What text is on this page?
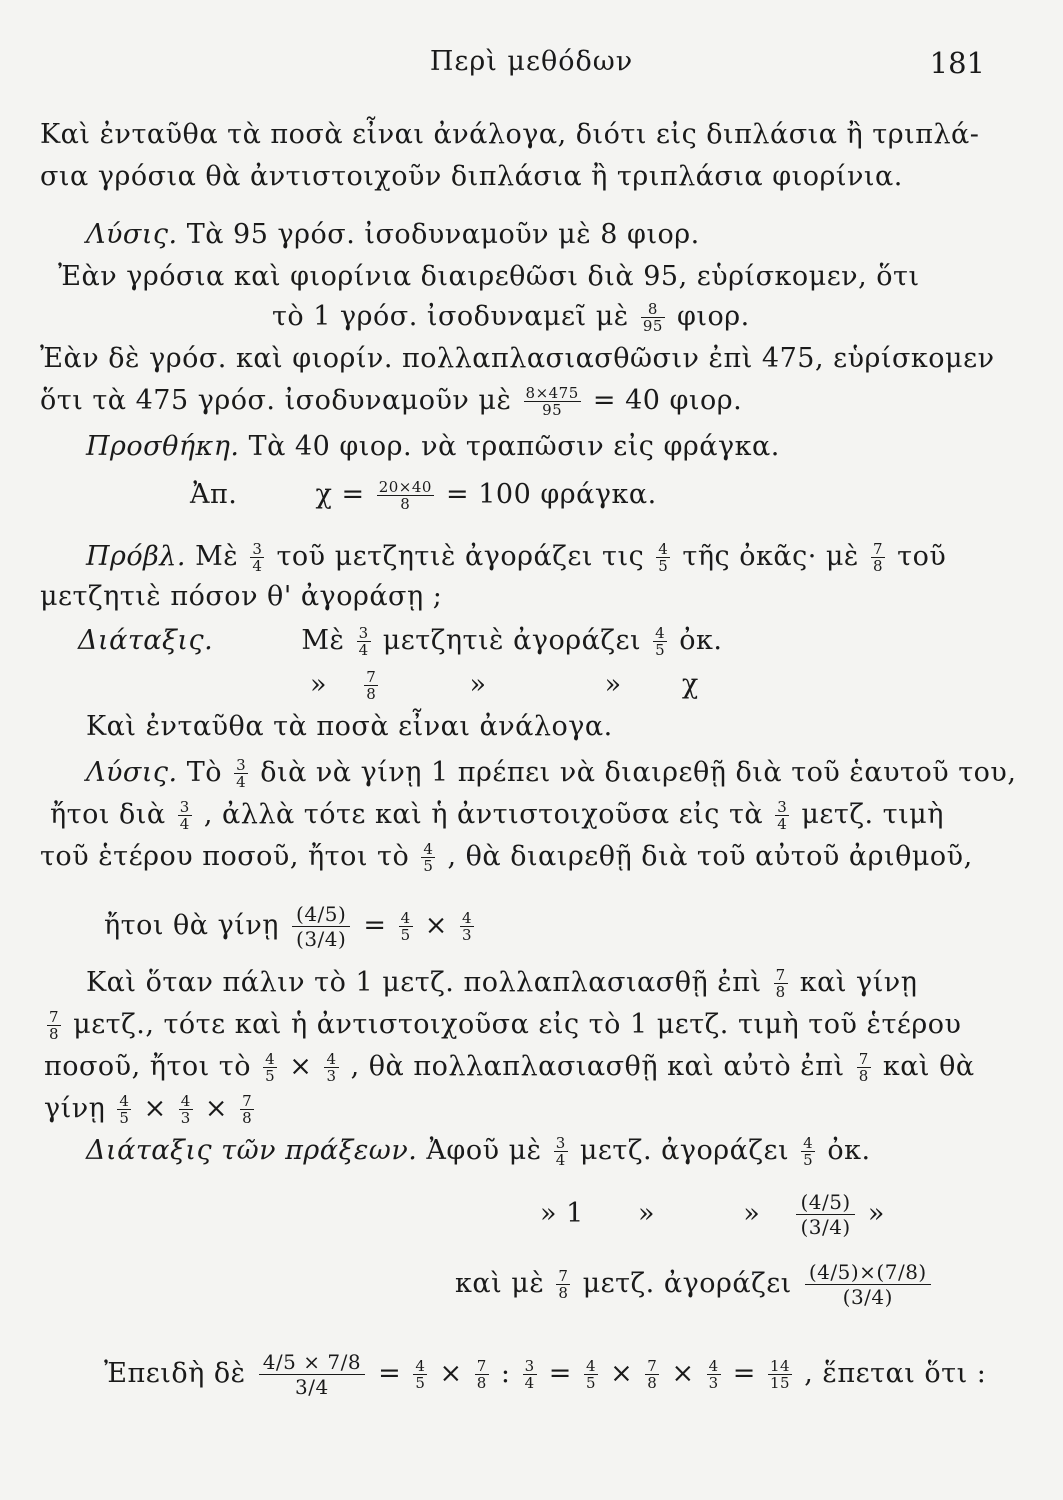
Περὶ μεθόδων	181
Καὶ ἐνταῦθα τὰ ποσὰ εἶναι ἀνάλογα, διότι εἰς διπλάσια ἢ τριπλά-
σια γρόσια θὰ ἀντιστοιχοῦν διπλάσια ἢ τριπλάσια φιορίνια.
Λύσις. Τὰ 95 γρόσ. ἰσοδυναμοῦν μὲ 8 φιορ.
Ἐὰν γρόσια καὶ φιορίνια διαιρεθῶσι διὰ 95, εὑρίσκομεν, ὅτι
τὸ 1 γρόσ. ἰσοδυναμεῖ μὲ $\frac{8}{95} \varphi\iota o\rho$.
Ἐὰν δὲ γρόσ. καὶ φιορίν. πολλαπλασιασθῶσιν ἐπὶ 475, εὑρίσκομεν
ὅτι τὰ 475 γρόσ. ἰσοδυναμοῦν μὲ $\frac{8\times 475}{95} = 40$ φιορ.
Προσθήκη. Τὰ 40 φιορ. νὰ τραπῶσιν εἰς φράγκα.
Ἀπ.	$\chi = \frac{20\times 40}{8} = 100$ φράγκα.
Πρόβλ. Μὲ $\frac{3}{4}$ τοῦ μετζητιὲ ἀγοράζει τις $\frac{4}{5}$ τῆς ὀκᾶς· μὲ $\frac{7}{8}$ τοῦ
μετζητιὲ πόσον θ' ἀγοράσῃ ;
Διάταξις.	Μὲ $\frac{3}{4}$ μετζητιὲ ἀγοράζει $\frac{4}{5}$ ὀκ.
» $\frac{7}{8}$	»	» χ
Καὶ ἐνταῦθα τὰ ποσὰ εἶναι ἀνάλογα.
Λύσις. Τὸ $\frac{3}{4}$ διὰ νὰ γίνῃ 1 πρέπει νὰ διαιρεθῇ διὰ τοῦ ἑαυτοῦ του,
ἤτοι διὰ $\frac{3}{4}$ , ἀλλὰ τότε καὶ ἡ ἀντιστοιχοῦσα εἰς τὰ $\frac{3}{4} \mu\varepsilon\tau\zeta$. τιμὴ
τοῦ ἑτέρου ποσοῦ, ἤτοι τὸ $\frac{4}{5}$ , θὰ διαιρεθῇ διὰ τοῦ αὐτοῦ ἀριθμοῦ,
ἤτοι θὰ γίνῃ $\frac{(4/5)}{(3/4)} = \frac{4}{5} \times \frac{4}{3}$
Καὶ ὅταν πάλιν τὸ 1 μετζ. πολλαπλασιασθῇ ἐπὶ $\frac{7}{8}$ καὶ γίνῃ
$\frac{7}{8} \mu\varepsilon\tau\zeta$., τότε καὶ ἡ ἀντιστοιχοῦσα εἰς τὸ 1 μετζ. τιμὴ τοῦ ἑτέρου
ποσοῦ, ἤτοι τὸ $\frac{4}{5} \times \frac{4}{3}$ , θὰ πολλαπλασιασθῇ καὶ αὐτὸ ἐπὶ $\frac{7}{8}$ καὶ θὰ
γίνῃ $\frac{4}{5} \times \frac{4}{3} \times \frac{7}{8}$
Διάταξις τῶν πράξεων. Ἀφοῦ μὲ $\frac{3}{4} \mu\varepsilon\tau\zeta$. ἀγοράζει $\frac{4}{5}$ ὀκ.
» 1 »	» $\frac{(4/5)}{(3/4)}$ »
καὶ μὲ $\frac{7}{8} \mu\varepsilon\tau\zeta$. ἀγοράζει $\frac{(4/5)\times(7/8)}{(3/4)}$
Ἐπειδὴ δὲ $\frac{4/5 \times 7/8}{3/4} = \frac{4}{5} \times \frac{7}{8}$ : $\frac{3}{4} = \frac{4}{5} \times \frac{7}{8} \times \frac{4}{3} = \frac{14}{15}$ , ἕπεται ὅτι :
